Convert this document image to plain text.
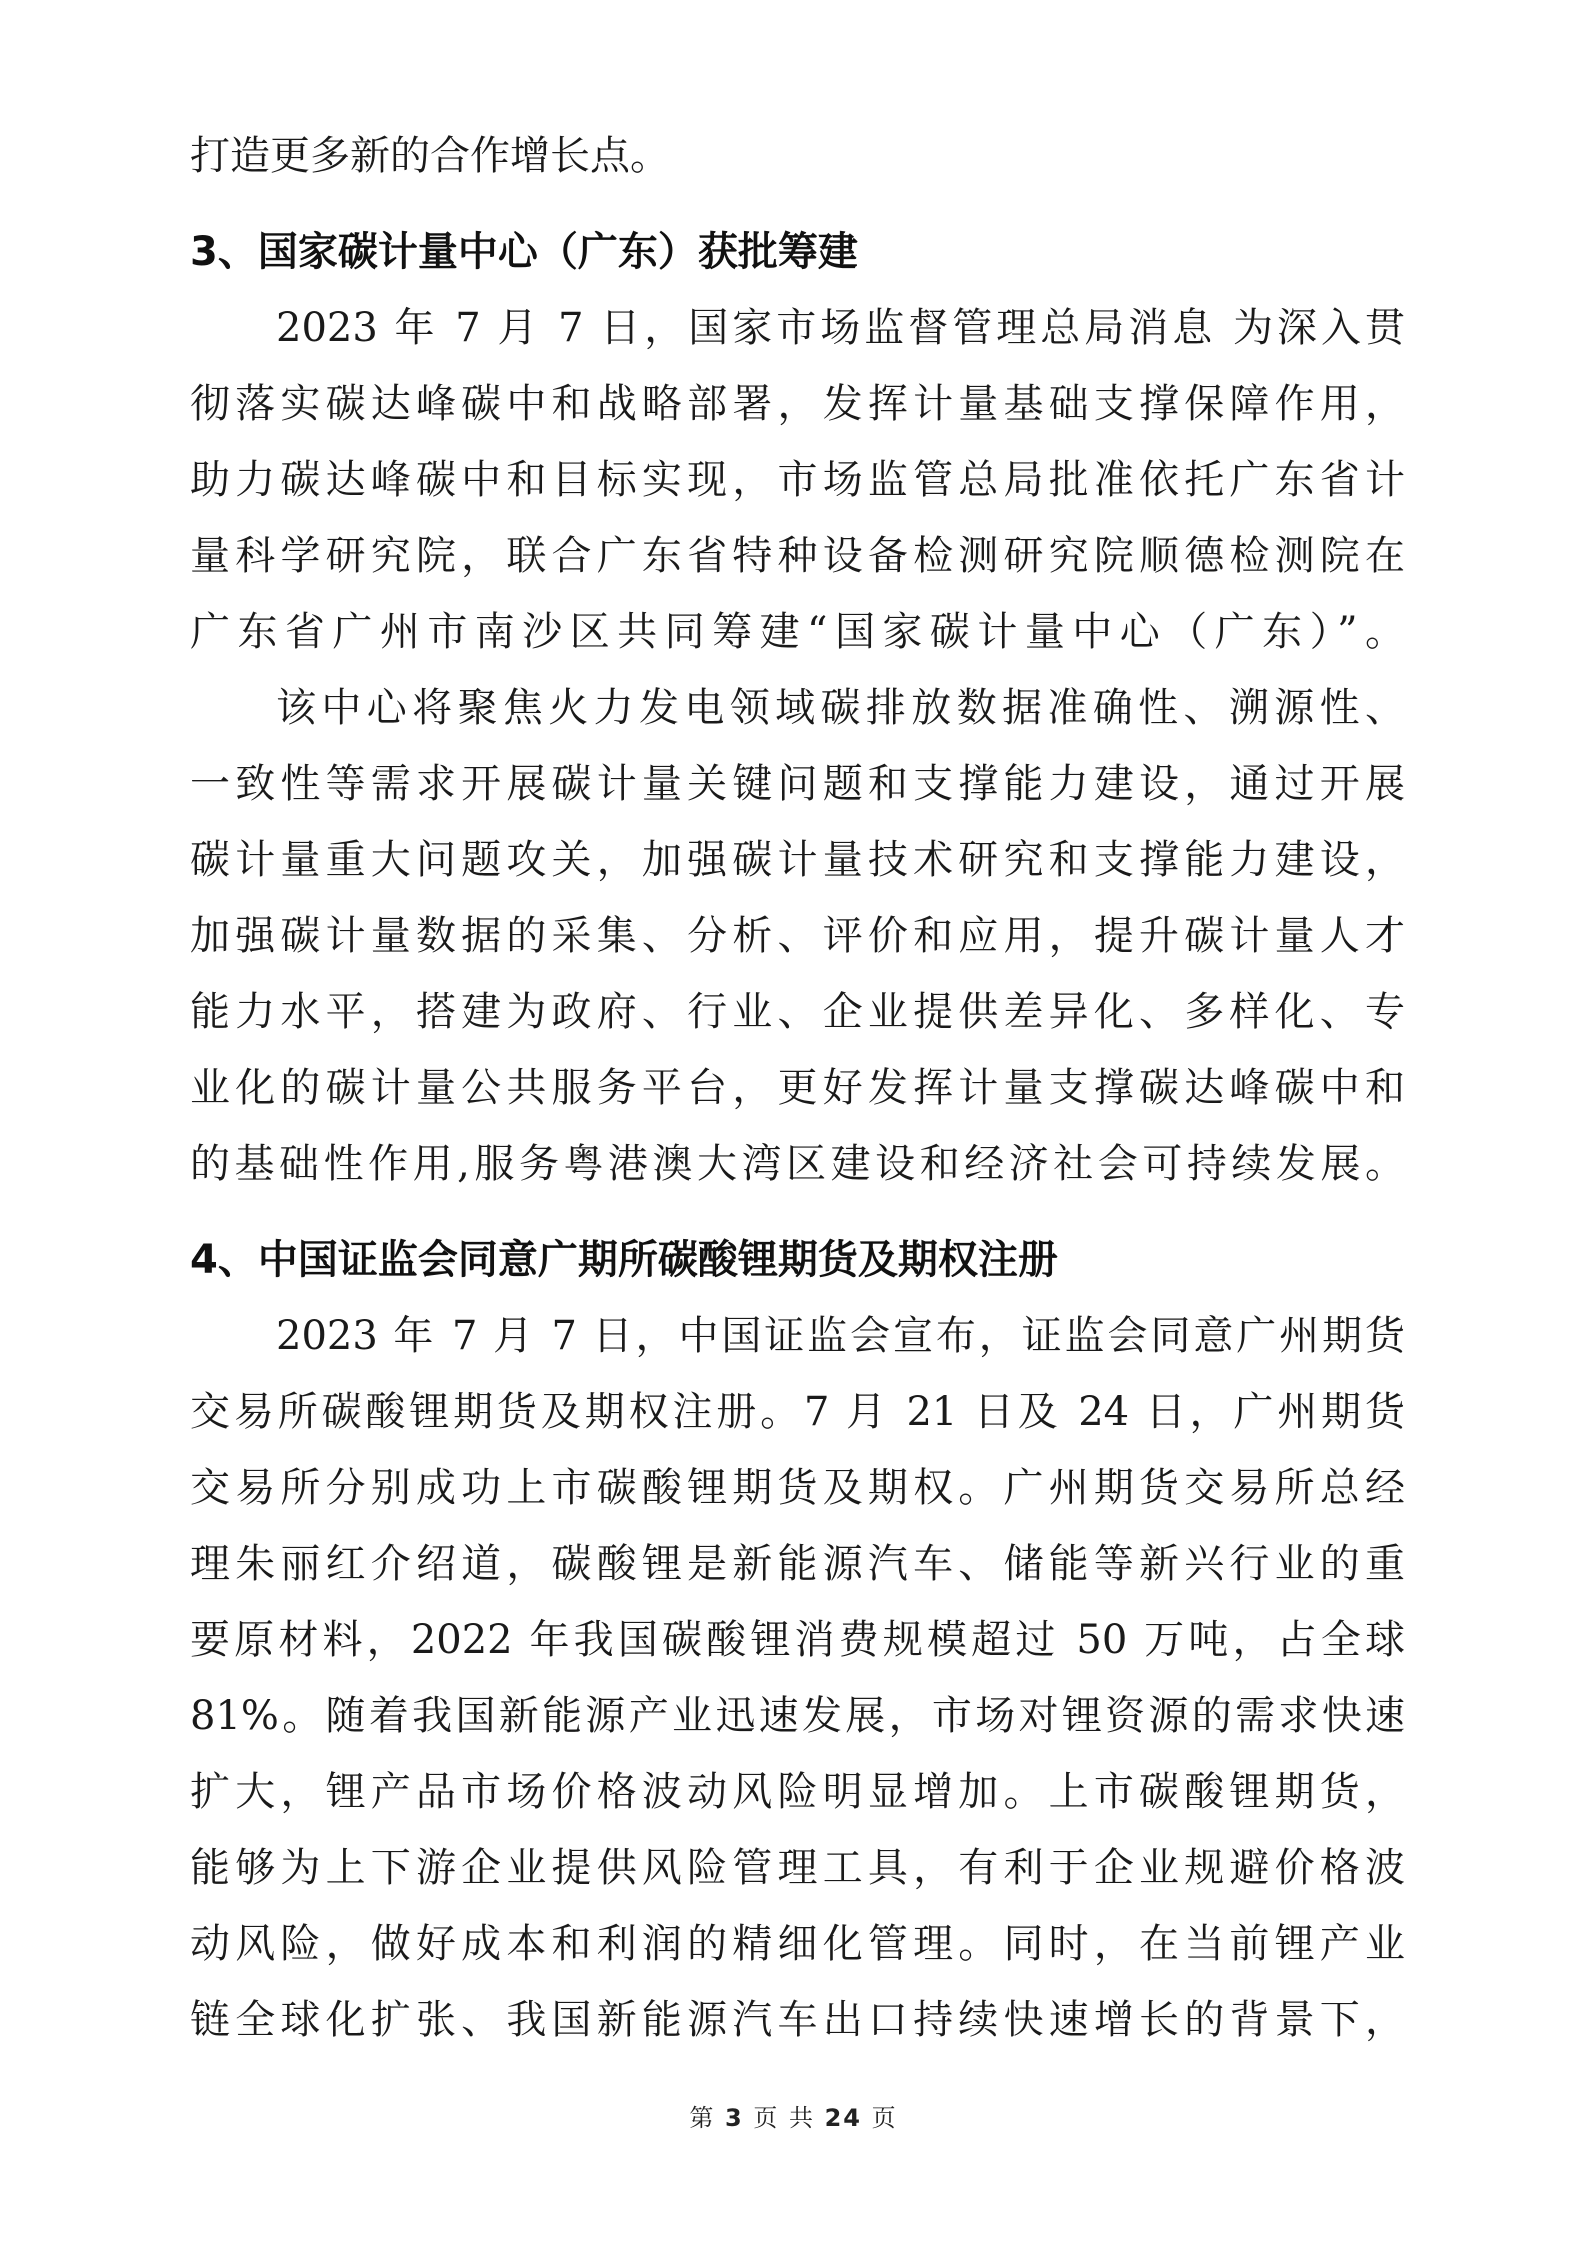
打造更多新的合作增长点。
3、国家碳计量中心（广东）获批筹建
2023 年 7 月 7 日，国家市场监督管理总局消息 为深入贯
彻落实碳达峰碳中和战略部署，发挥计量基础支撑保障作用，
助力碳达峰碳中和目标实现，市场监管总局批准依托广东省计
量科学研究院，联合广东省特种设备检测研究院顺德检测院在
广东省广州市南沙区共同筹建“国家碳计量中心（广东）”。
该中心将聚焦火力发电领域碳排放数据准确性、溯源性、
一致性等需求开展碳计量关键问题和支撑能力建设，通过开展
碳计量重大问题攻关，加强碳计量技术研究和支撑能力建设，
加强碳计量数据的采集、分析、评价和应用，提升碳计量人才
能力水平，搭建为政府、行业、企业提供差异化、多样化、专
业化的碳计量公共服务平台，更好发挥计量支撑碳达峰碳中和
的基础性作用,服务粤港澳大湾区建设和经济社会可持续发展。
4、中国证监会同意广期所碳酸锂期货及期权注册
2023 年 7 月 7 日，中国证监会宣布，证监会同意广州期货
交易所碳酸锂期货及期权注册。7 月 21 日及 24 日，广州期货
交易所分别成功上市碳酸锂期货及期权。广州期货交易所总经
理朱丽红介绍道，碳酸锂是新能源汽车、储能等新兴行业的重
要原材料，2022 年我国碳酸锂消费规模超过 50 万吨，占全球
81%。随着我国新能源产业迅速发展，市场对锂资源的需求快速
扩大，锂产品市场价格波动风险明显增加。上市碳酸锂期货，
能够为上下游企业提供风险管理工具，有利于企业规避价格波
动风险，做好成本和利润的精细化管理。同时，在当前锂产业
链全球化扩张、我国新能源汽车出口持续快速增长的背景下，
第 3 页 共 24 页
